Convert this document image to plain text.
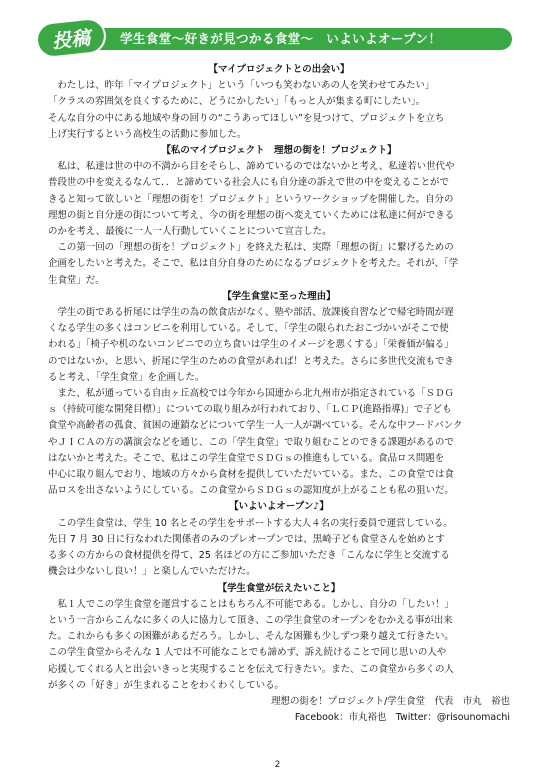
学生食堂～好きが見つかる食堂～　いよいよオープン！
投稿

【マイプロジェクトとの出会い】

　わたしは、昨年「マイプロジェクト」という「いつも笑わないあの人を笑わせてみたい」

「クラスの雰囲気を良くするために、どうにかしたい」「もっと人が集まる町にしたい」。

そんな自分の中にある地域や身の回りの“こうあってほしい”を見つけて、プロジェクトを立ち

上げ実行するという高校生の活動に参加した。

【私のマイプロジェクト　理想の街を！プロジェクト】

　私は、私達は世の中の不満から目をそらし、諦めているのではないかと考え、私達若い世代や

普段世の中を変えるなんて．．と諦めている社会人にも自分達の訴えで世の中を変えることがで

きると知って欲しいと「理想の街を！プロジェクト」というワークショップを開催した。自分の

理想の街と自分達の街について考え、今の街を理想の街へ変えていくためには私達に何ができる

のかを考え、最後に一人一人行動していくことについて宣言した。

　この第一回の「理想の街を！プロジェクト」を終えた私は、実際「理想の街」に繋げるための

企画をしたいと考えた。そこで、私は自分自身のためになるプロジェクトを考えた。それが、「学

生食堂」だ。

【学生食堂に至った理由】

　学生の街である折尾には学生の為の飲食店がなく、塾や部活、放課後自習などで帰宅時間が遅

くなる学生の多くはコンビニを利用している。そして、「学生の限られたおこづかいがそこで使

われる」「椅子や机のないコンビニでの立ち食いは学生のイメージを悪くする」「栄養価が偏る」

のではないか、と思い、折尾に学生のための食堂があれば！と考えた。さらに多世代交流もでき

ると考え、「学生食堂」を企画した。

　また、私が通っている自由ヶ丘高校では今年から国連から北九州市が指定されている「ＳＤＧ

ｓ（持続可能な開発目標）」についての取り組みが行われており、「ＬＣＰ(進路指導)」で子ども

食堂や高齢者の孤食、貧困の連鎖などについて学生一人一人が調べている。そんな中フードバンク

やＪＩＣＡの方の講演会などを通じ、この「学生食堂」で取り組むことのできる課題があるので

はないかと考えた。そこで、私はこの学生食堂でＳＤＧｓの推進もしている。食品ロス問題を

中心に取り組んでおり、地域の方々から食材を提供していただいている。また、この食堂では食

品ロスを出さないようにしている。この食堂からＳＤＧｓの認知度が上がることも私の狙いだ。

【いよいよオープン♪】

　この学生食堂は、学生 10 名とその学生をサポートする大人４名の実行委員で運営している。

先日 7 月 30 日に行なわれた関係者のみのプレオープンでは、黒崎子ども食堂さんを始めとす

る多くの方からの食材提供を得て、25 名ほどの方にご参加いただき「こんなに学生と交流する

機会は少ないし良い！」と楽しんでいただけた。

【学生食堂が伝えたいこと】

　私１人でこの学生食堂を運営することはもちろん不可能である。しかし、自分の「したい！」

という一言からこんなに多くの人に協力して頂き、この学生食堂のオープンをむかえる事が出来

た。これからも多くの困難があるだろう。しかし、そんな困難も少しずつ乗り越えて行きたい。

この学生食堂からそんな 1 人では不可能なことでも諦めず、訴え続けることで同じ思いの人や

応援してくれる人と出会いきっと実現することを伝えて行きたい。また、この食堂から多くの人

が多くの「好き」が生まれることをわくわくしている。

理想の街を！プロジェクト/学生食堂　代表　市丸　裕也

Facebook：市丸裕也　Twitter：@risounomachi

2
